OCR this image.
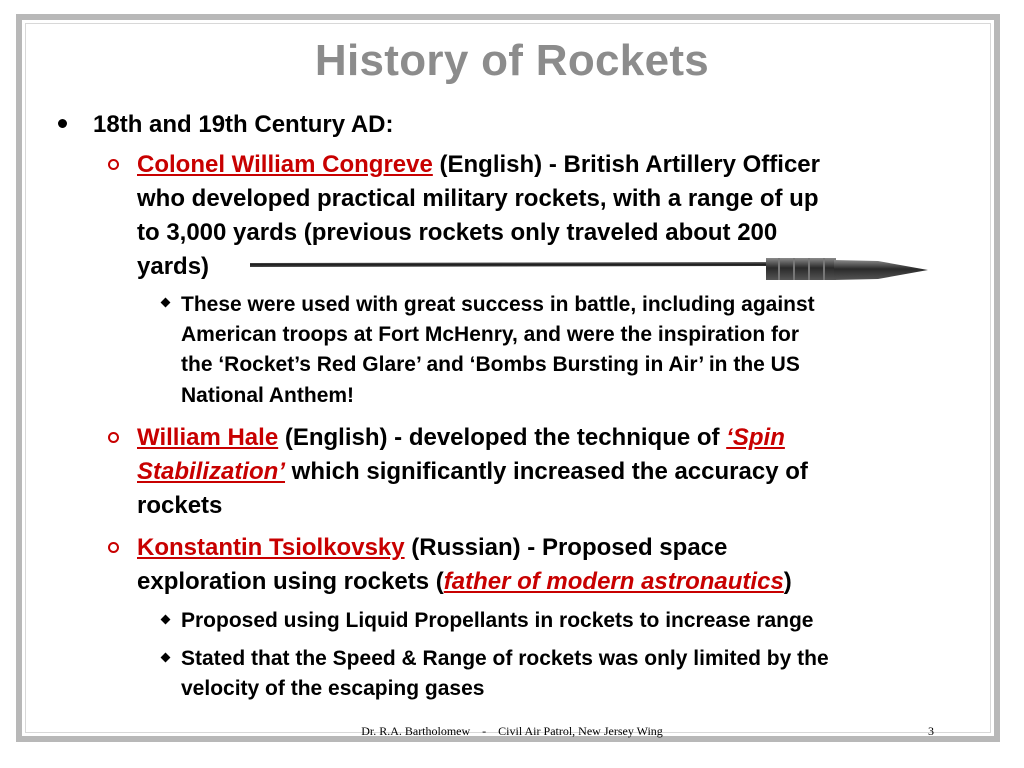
History of Rockets
18th and 19th Century AD:
Colonel William Congreve (English) - British Artillery Officer
who developed practical military rockets, with a range of up
to 3,000 yards (previous rockets only traveled about 200
yards)
These were used with great success in battle, including against
American troops at Fort McHenry, and were the inspiration for
the ‘Rocket’s Red Glare’ and ‘Bombs Bursting in Air’ in the US
National Anthem!
William Hale (English) - developed the technique of ‘Spin
Stabilization’ which significantly increased the accuracy of
rockets
Konstantin Tsiolkovsky (Russian) - Proposed space
exploration using rockets (father of modern astronautics)
Proposed using Liquid Propellants in rockets to increase range
Stated that the Speed & Range of rockets was only limited by the
velocity of the escaping gases
Dr. R.A. Bartholomew    -    Civil Air Patrol, New Jersey Wing	3
